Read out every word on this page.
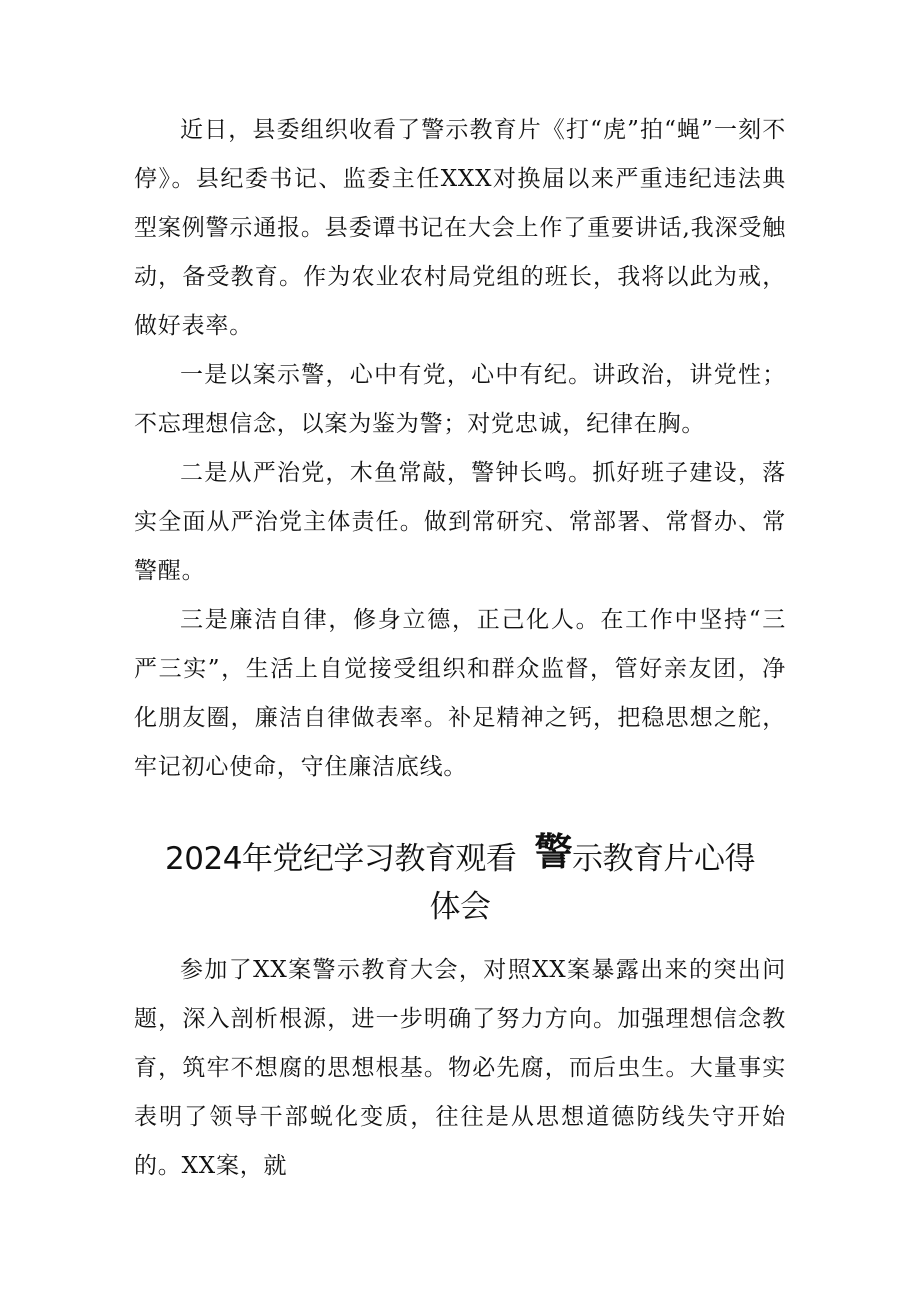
近日，县委组织收看了警示教育片《打“虎”拍“蝇”一刻不停》。县纪委书记、监委主任XXX对换届以来严重违纪违法典型案例警示通报。县委谭书记在大会上作了重要讲话,我深受触动，备受教育。作为农业农村局党组的班长，我将以此为戒，做好表率。

一是以案示警，心中有党，心中有纪。讲政治，讲党性；不忘理想信念，以案为鉴为警；对党忠诚，纪律在胸。

二是从严治党，木鱼常敲，警钟长鸣。抓好班子建设，落实全面从严治党主体责任。做到常研究、常部署、常督办、常警醒。

三是廉洁自律，修身立德，正己化人。在工作中坚持“三严三实”，生活上自觉接受组织和群众监督，管好亲友团，净化朋友圈，廉洁自律做表率。补足精神之钙，把稳思想之舵，牢记初心使命，守住廉洁底线。

2024年党纪学习教育观看 警示教育片心得
体会

参加了XX案警示教育大会，对照XX案暴露出来的突出问题，深入剖析根源，进一步明确了努力方向。加强理想信念教育，筑牢不想腐的思想根基。物必先腐，而后虫生。大量事实表明了领导干部蜕化变质，往往是从思想道德防线失守开始的。XX案，就
